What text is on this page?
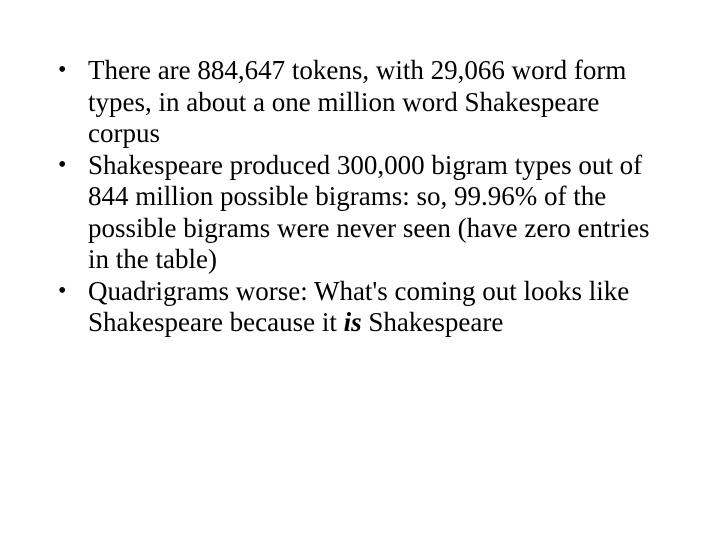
• There are 884,647 tokens, with 29,066 word form types, in about a one million word Shakespeare corpus
• Shakespeare produced 300,000 bigram types out of 844 million possible bigrams: so, 99.96% of the possible bigrams were never seen (have zero entries in the table)
• Quadrigrams worse: What's coming out looks like Shakespeare because it is Shakespeare
